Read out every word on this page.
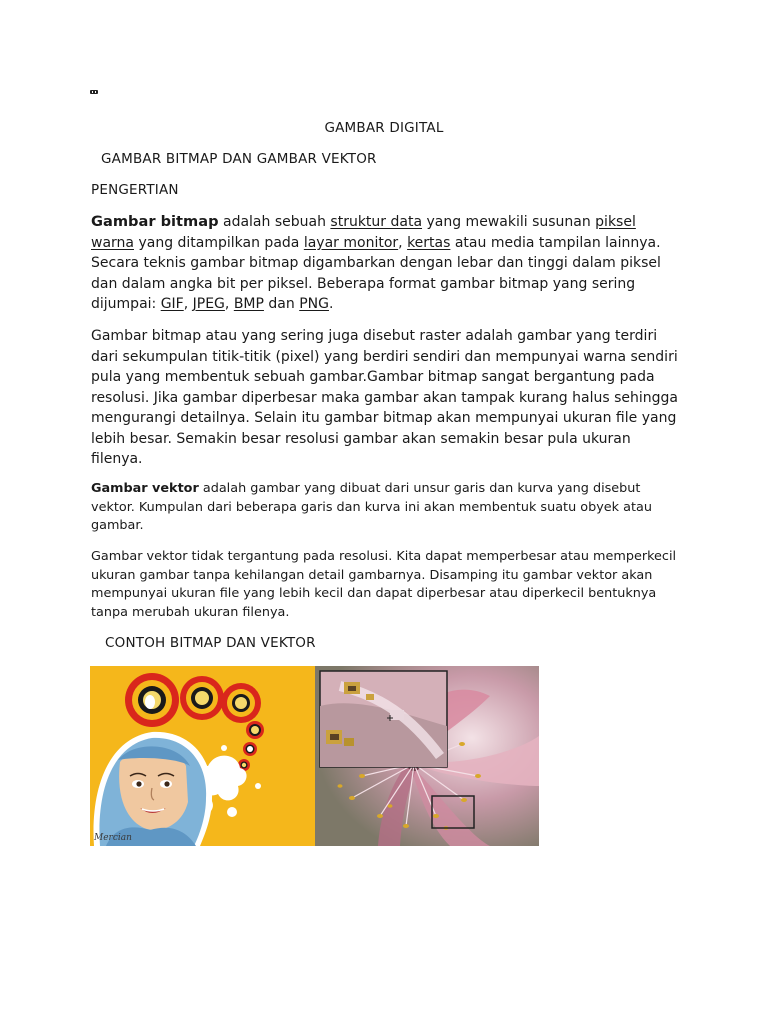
GAMBAR DIGITAL
GAMBAR BITMAP DAN GAMBAR VEKTOR
PENGERTIAN

Gambar bitmap adalah sebuah struktur data yang mewakili susunan piksel warna yang ditampilkan pada layar monitor, kertas atau media tampilan lainnya. Secara teknis gambar bitmap digambarkan dengan lebar dan tinggi dalam piksel dan dalam angka bit per piksel. Beberapa format gambar bitmap yang sering dijumpai: GIF, JPEG, BMP dan PNG.

Gambar bitmap atau yang sering juga disebut raster adalah gambar yang terdiri dari sekumpulan titik-titik (pixel) yang berdiri sendiri dan mempunyai warna sendiri pula yang membentuk sebuah gambar.Gambar bitmap sangat bergantung pada resolusi. Jika gambar diperbesar maka gambar akan tampak kurang halus sehingga mengurangi detailnya. Selain itu gambar bitmap akan mempunyai ukuran file yang lebih besar. Semakin besar resolusi gambar akan semakin besar pula ukuran filenya.

Gambar vektor adalah gambar yang dibuat dari unsur garis dan kurva yang disebut vektor. Kumpulan dari beberapa garis dan kurva ini akan membentuk suatu obyek atau gambar.

Gambar vektor tidak tergantung pada resolusi. Kita dapat memperbesar atau memperkecil ukuran gambar tanpa kehilangan detail gambarnya. Disamping itu gambar vektor akan mempunyai ukuran file yang lebih kecil dan dapat diperbesar atau diperkecil bentuknya tanpa merubah ukuran filenya.

CONTOH BITMAP DAN VEKTOR
Mercian
